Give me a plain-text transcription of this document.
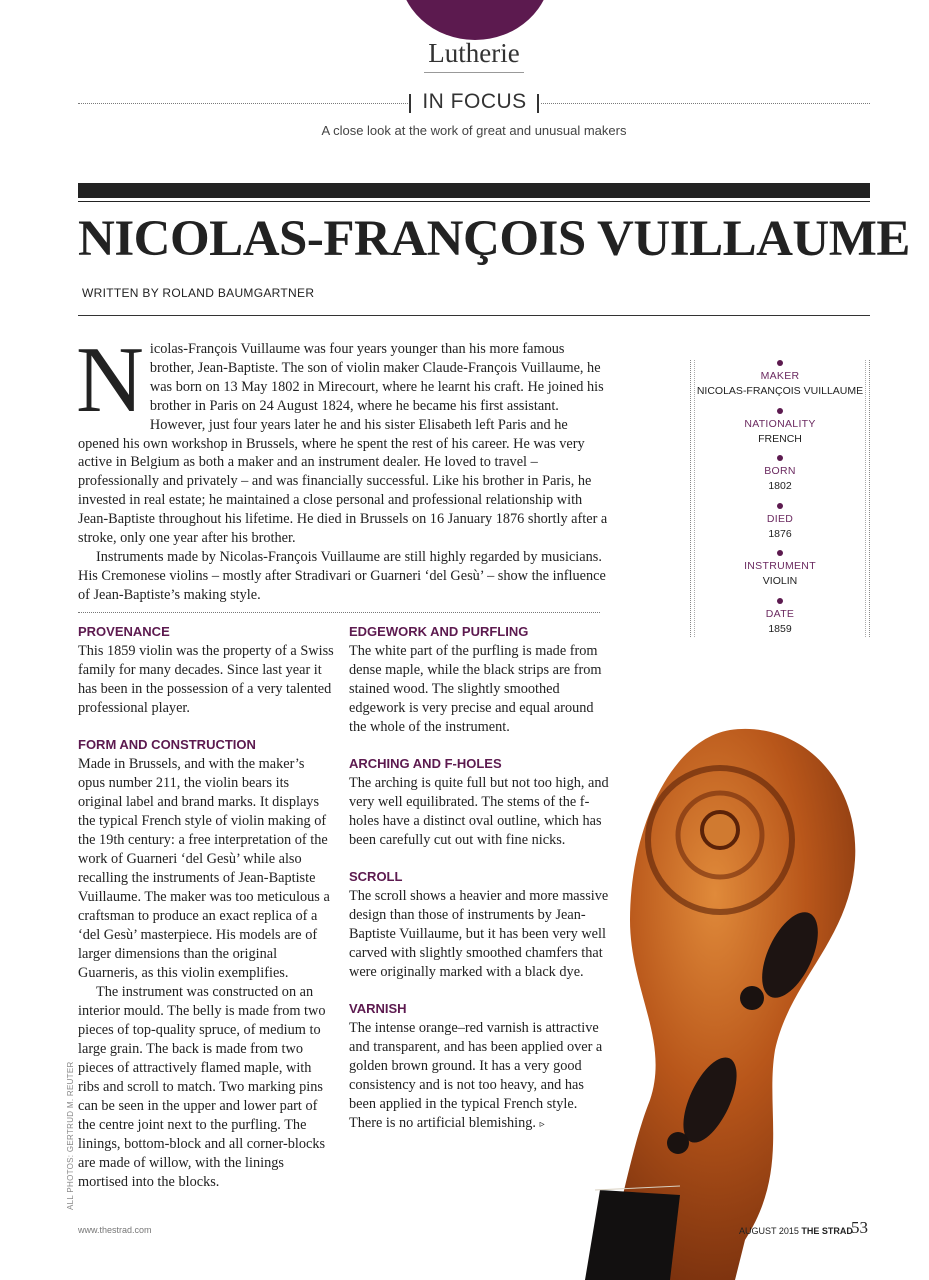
Lutherie
IN FOCUS
A close look at the work of great and unusual makers
NICOLAS-FRANÇOIS VUILLAUME
WRITTEN BY ROLAND BAUMGARTNER

Nicolas-François Vuillaume was four years younger than his more famous brother, Jean-Baptiste. The son of violin maker Claude-François Vuillaume, he was born on 13 May 1802 in Mirecourt, where he learnt his craft. He joined his brother in Paris on 24 August 1824, where he became his first assistant. However, just four years later he and his sister Elisabeth left Paris and he opened his own workshop in Brussels, where he spent the rest of his career. He was very active in Belgium as both a maker and an instrument dealer. He loved to travel – professionally and privately – and was financially successful. Like his brother in Paris, he invested in real estate; he maintained a close personal and professional relationship with Jean-Baptiste throughout his lifetime. He died in Brussels on 16 January 1876 shortly after a stroke, only one year after his brother.

Instruments made by Nicolas-François Vuillaume are still highly regarded by musicians. His Cremonese violins – mostly after Stradivari or Guarneri ‘del Gesù’ – show the influence of Jean-Baptiste’s making style.

MAKER
NICOLAS-FRANÇOIS VUILLAUME
NATIONALITY
FRENCH
BORN
1802
DIED
1876
INSTRUMENT
VIOLIN
DATE
1859
PROVENANCE

This 1859 violin was the property of a Swiss family for many decades. Since last year it has been in the possession of a very talented professional player.

FORM AND CONSTRUCTION

Made in Brussels, and with the maker’s opus number 211, the violin bears its original label and brand marks. It displays the typical French style of violin making of the 19th century: a free interpretation of the work of Guarneri ‘del Gesù’ while also recalling the instruments of Jean-Baptiste Vuillaume. The maker was too meticulous a craftsman to produce an exact replica of a ‘del Gesù’ masterpiece. His models are of larger dimensions than the original Guarneris, as this violin exemplifies.

The instrument was constructed on an interior mould. The belly is made from two pieces of top-quality spruce, of medium to large grain. The back is made from two pieces of attractively flamed maple, with ribs and scroll to match. Two marking pins can be seen in the upper and lower part of the centre joint next to the purfling. The linings, bottom-block and all corner-blocks are made of willow, with the linings mortised into the blocks.

EDGEWORK AND PURFLING

The white part of the purfling is made from dense maple, while the black strips are from stained wood. The slightly smoothed edgework is very precise and equal around the whole of the instrument.

ARCHING AND F-HOLES

The arching is quite full but not too high, and very well equilibrated. The stems of the f-holes have a distinct oval outline, which has been carefully cut out with fine nicks.

SCROLL

The scroll shows a heavier and more massive design than those of instruments by Jean-Baptiste Vuillaume, but it has been very well carved with slightly smoothed chamfers that were originally marked with a black dye.

VARNISH

The intense orange–red varnish is attractive and transparent, and has been applied over a golden brown ground. It has a very good consistency and is not too heavy, and has been applied in the typical French style. There is no artificial blemishing. ▹

ALL PHOTOS: GERTRUD M. REUTER
www.thestrad.com	AUGUST 2015 THE STRAD
53
